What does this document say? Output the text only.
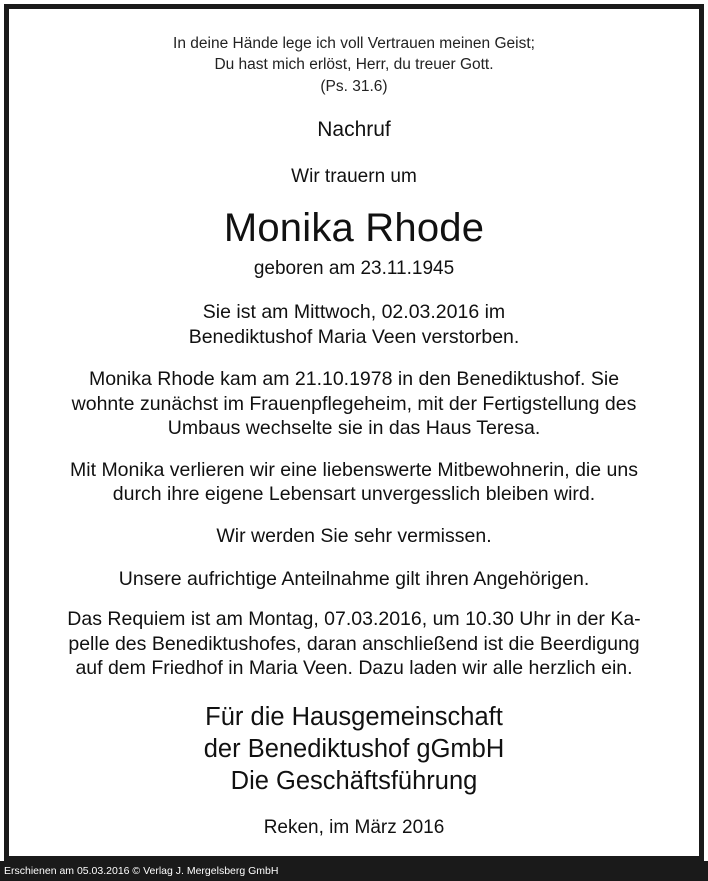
In deine Hände lege ich voll Vertrauen meinen Geist;
Du hast mich erlöst, Herr, du treuer Gott.
(Ps. 31.6)
Nachruf
Wir trauern um
Monika Rhode
geboren am 23.11.1945
Sie ist am Mittwoch, 02.03.2016 im
Benediktushof Maria Veen verstorben.
Monika Rhode kam am 21.10.1978 in den Benediktushof. Sie
wohnte zunächst im Frauenpflegeheim, mit der Fertigstellung des
Umbaus wechselte sie in das Haus Teresa.
Mit Monika verlieren wir eine liebenswerte Mitbewohnerin, die uns
durch ihre eigene Lebensart unvergesslich bleiben wird.
Wir werden Sie sehr vermissen.
Unsere aufrichtige Anteilnahme gilt ihren Angehörigen.
Das Requiem ist am Montag, 07.03.2016, um 10.30 Uhr in der Ka-
pelle des Benediktushofes, daran anschließend ist die Beerdigung
auf dem Friedhof in Maria Veen. Dazu laden wir alle herzlich ein.
Für die Hausgemeinschaft
der Benediktushof gGmbH
Die Geschäftsführung
Reken, im März 2016
Erschienen am 05.03.2016 © Verlag J. Mergelsberg GmbH
